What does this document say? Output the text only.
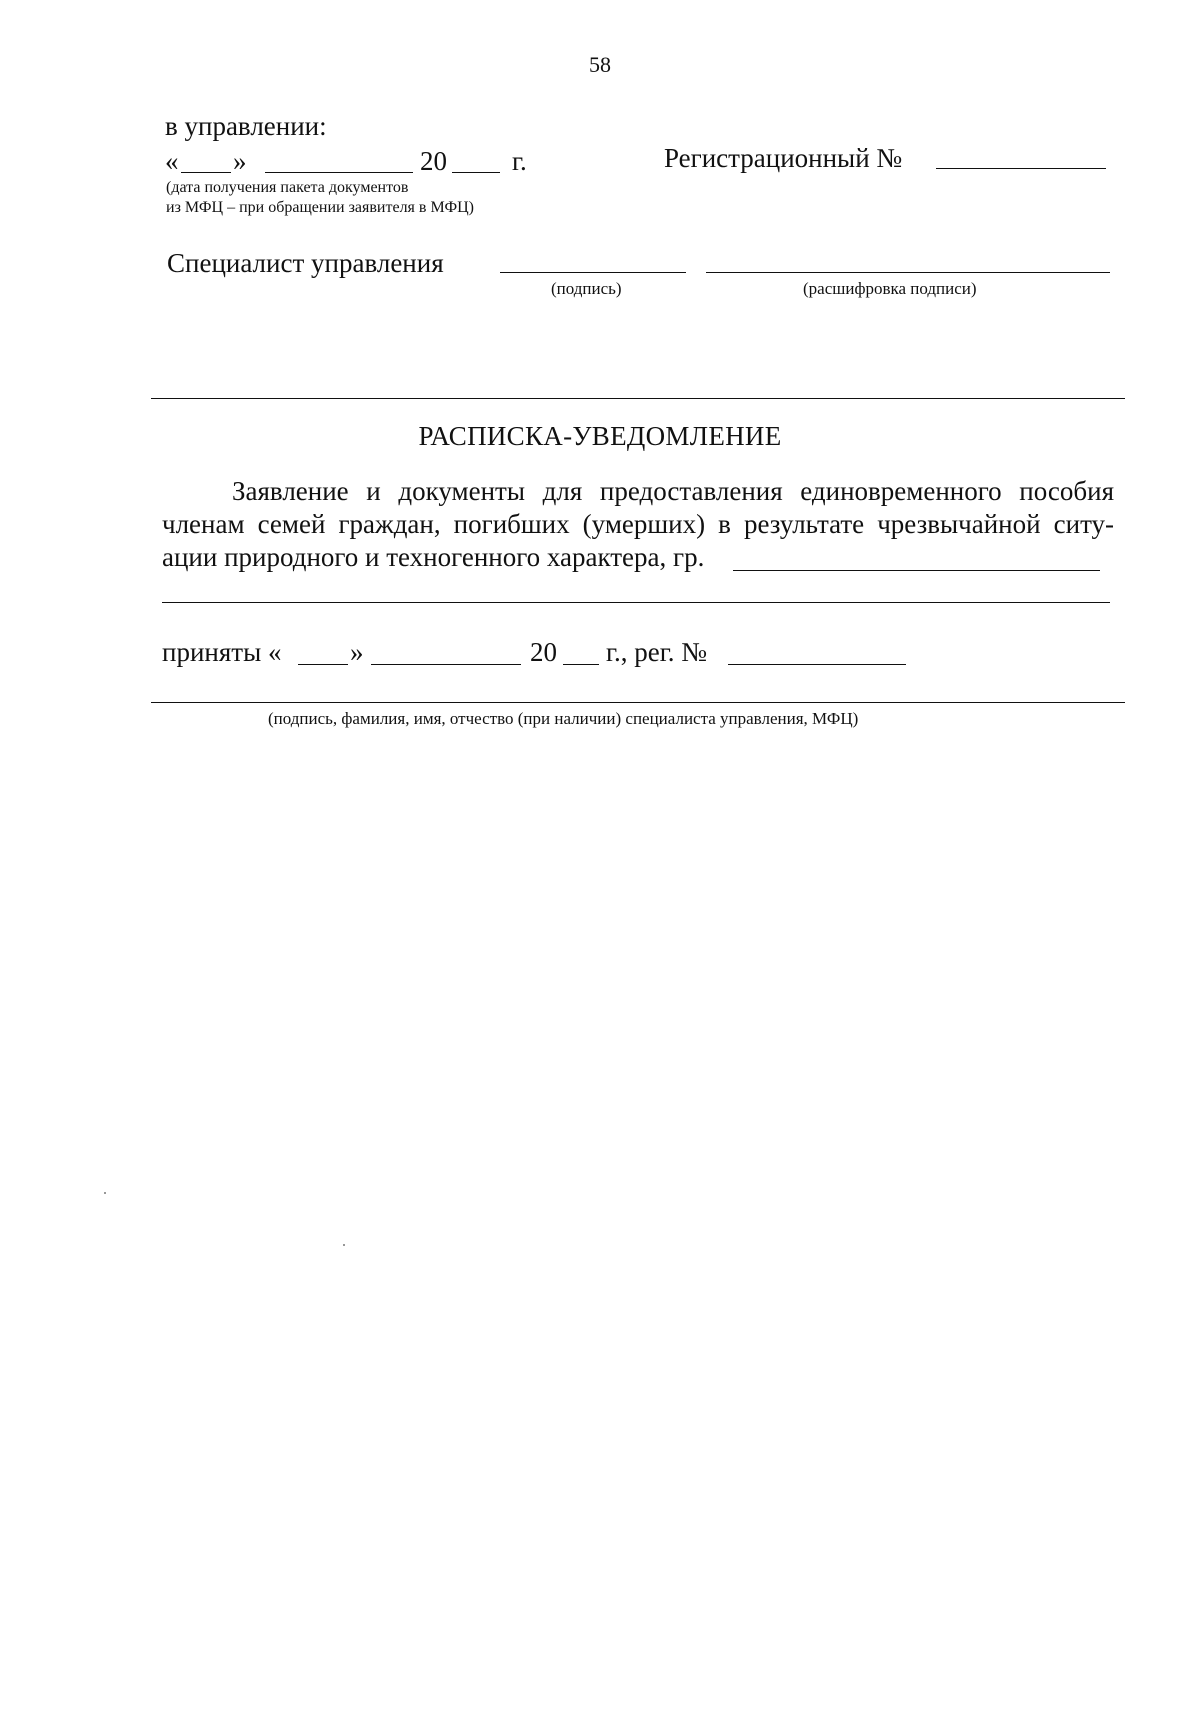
58
в управлении:
« »	20 г.	Регистрационный №
(дата получения пакета документов
из МФЦ – при обращении заявителя в МФЦ)
Специалист управления
(подпись)	(расшифровка подписи)
РАСПИСКА-УВЕДОМЛЕНИЕ
Заявление и документы для предоставления единовременного пособия
членам семей граждан, погибших (умерших) в результате чрезвычайной ситу-
ации природного и техногенного характера, гр.
приняты «	»	20 г., рег. №
(подпись, фамилия, имя, отчество (при наличии) специалиста управления, МФЦ)
